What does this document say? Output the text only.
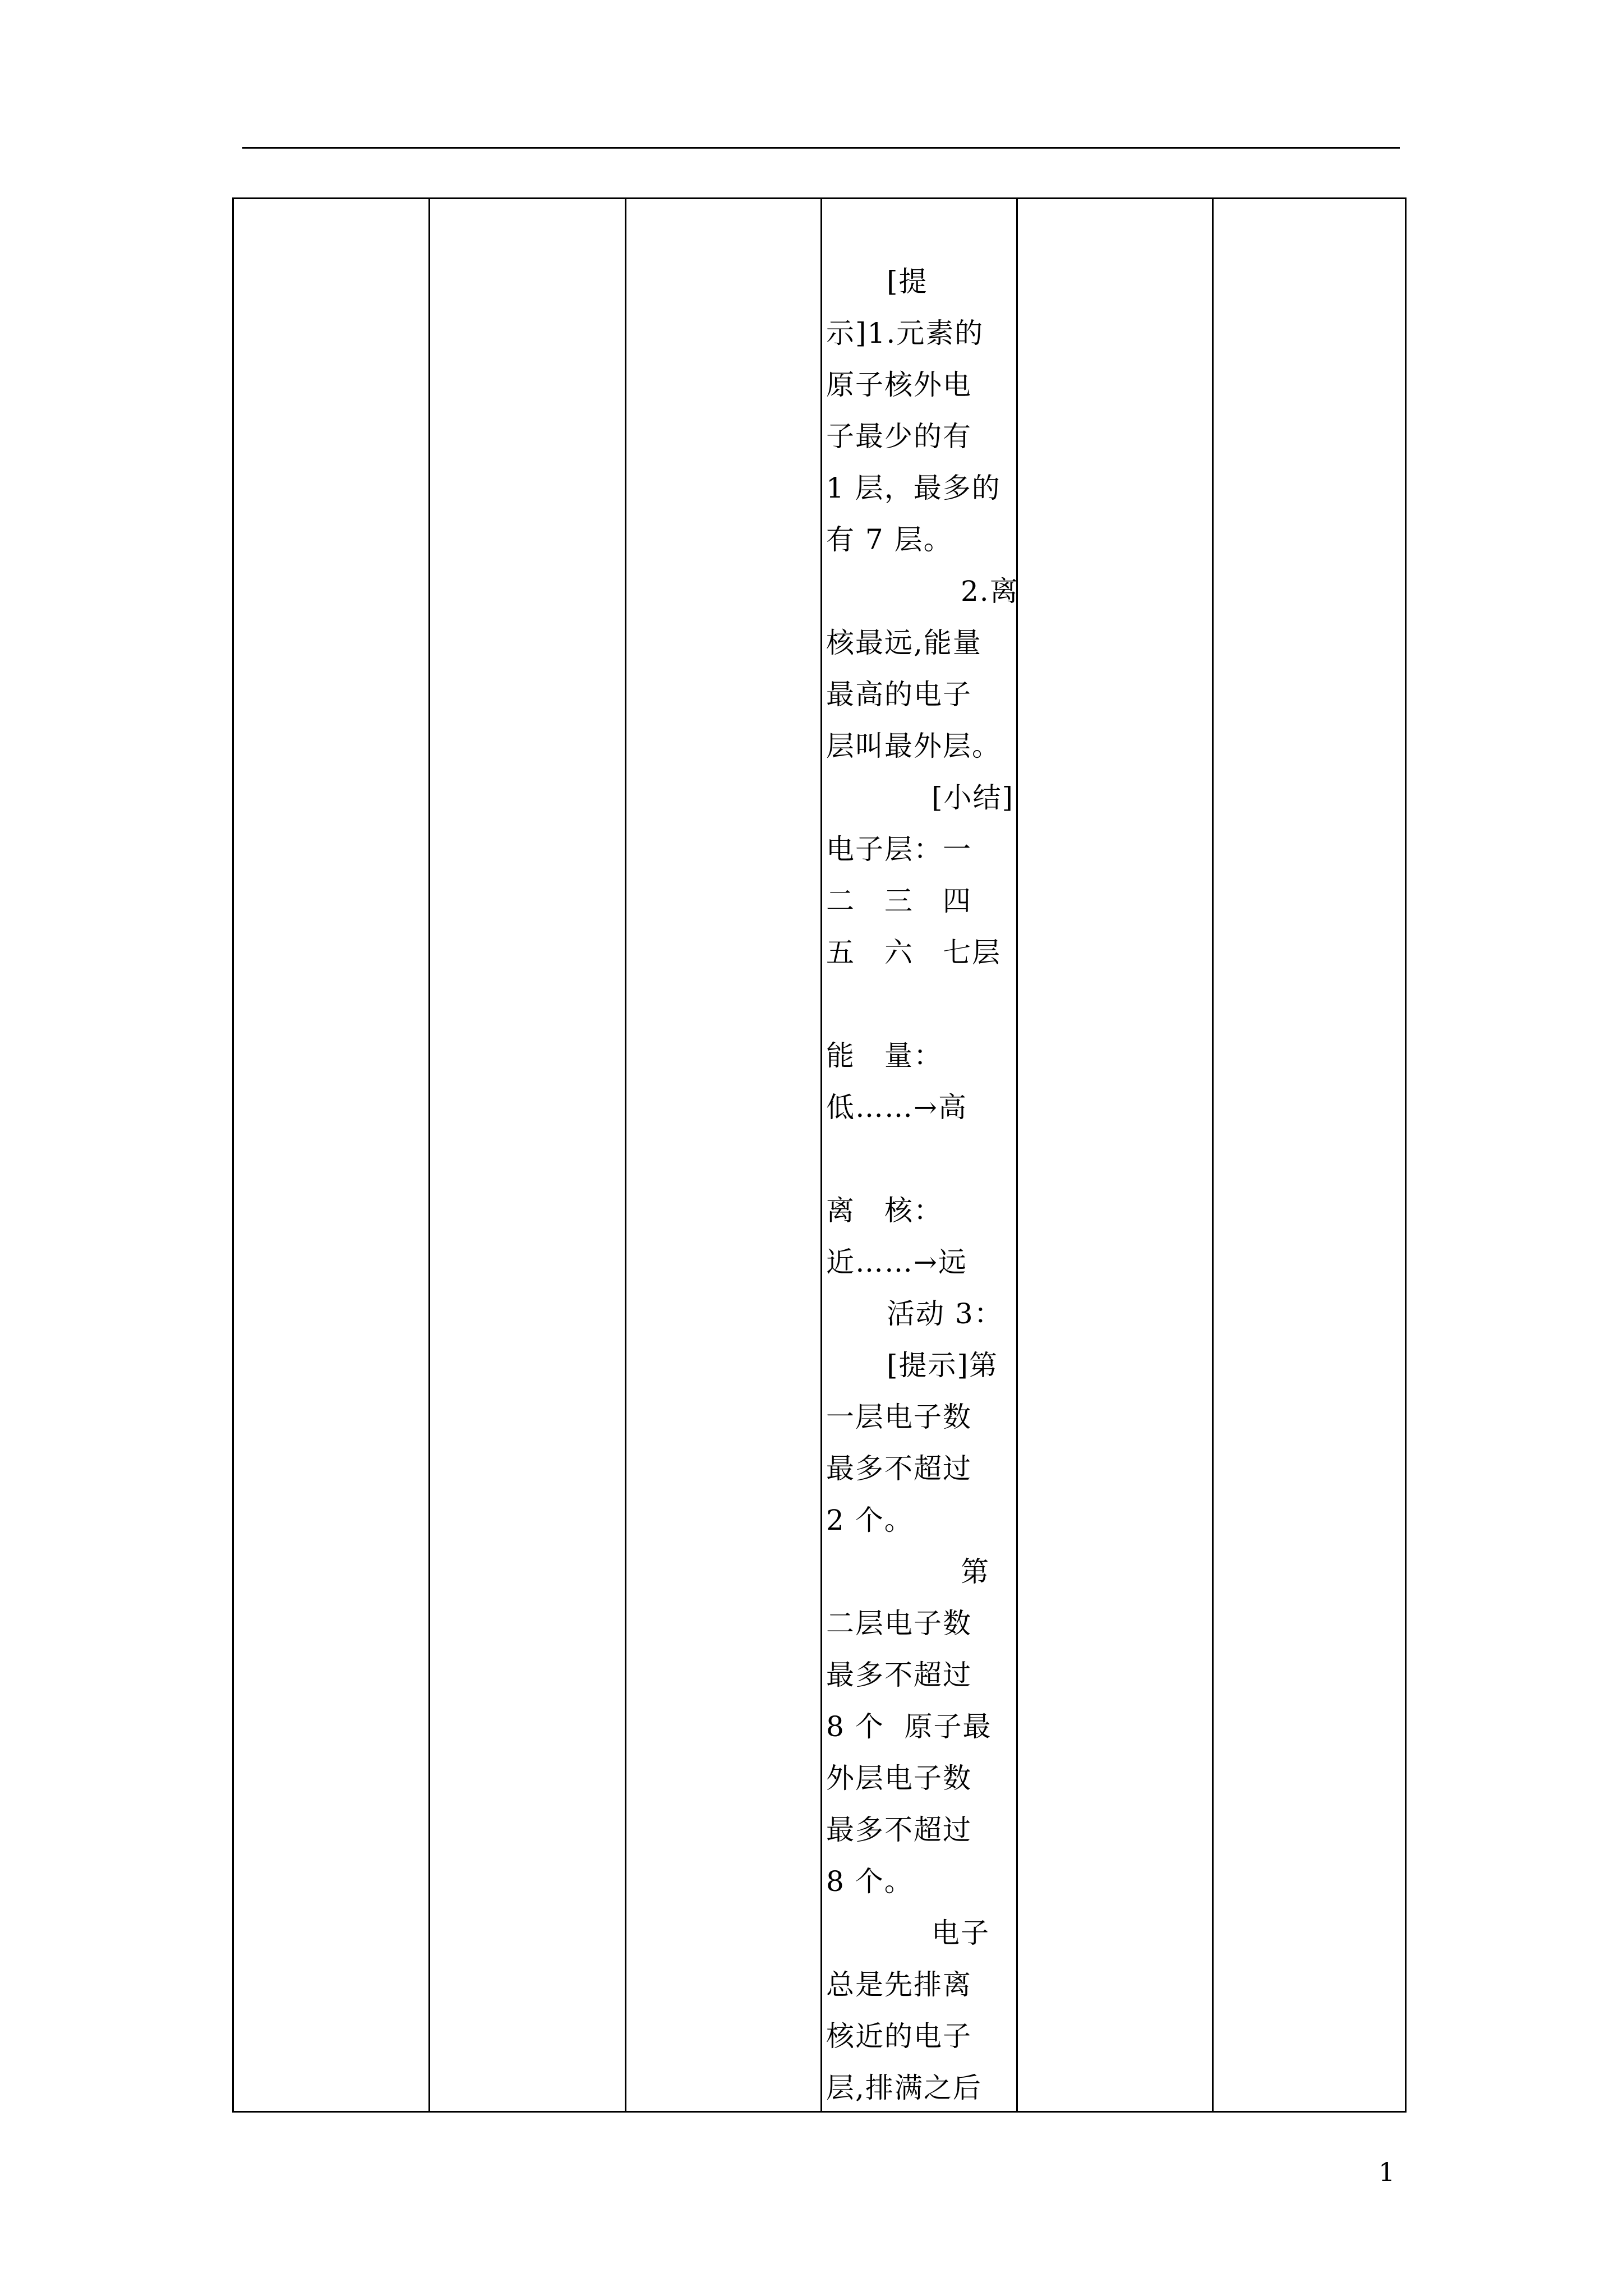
[提
示]1.元素的
原子核外电
子最少的有
1 层，最多的
有 7 层。
2.离
核最远,能量
最高的电子
层叫最外层。
[小结]
电子层：一
二　三　四
五　六　七层
能　量：
低……→高
离　核：
近……→远
活动 3：
[提示]第
一层电子数
最多不超过
2 个。
第
二层电子数
最多不超过
8 个  原子最
外层电子数
最多不超过
8 个。
电子
总是先排离
核近的电子
层,排满之后
1
